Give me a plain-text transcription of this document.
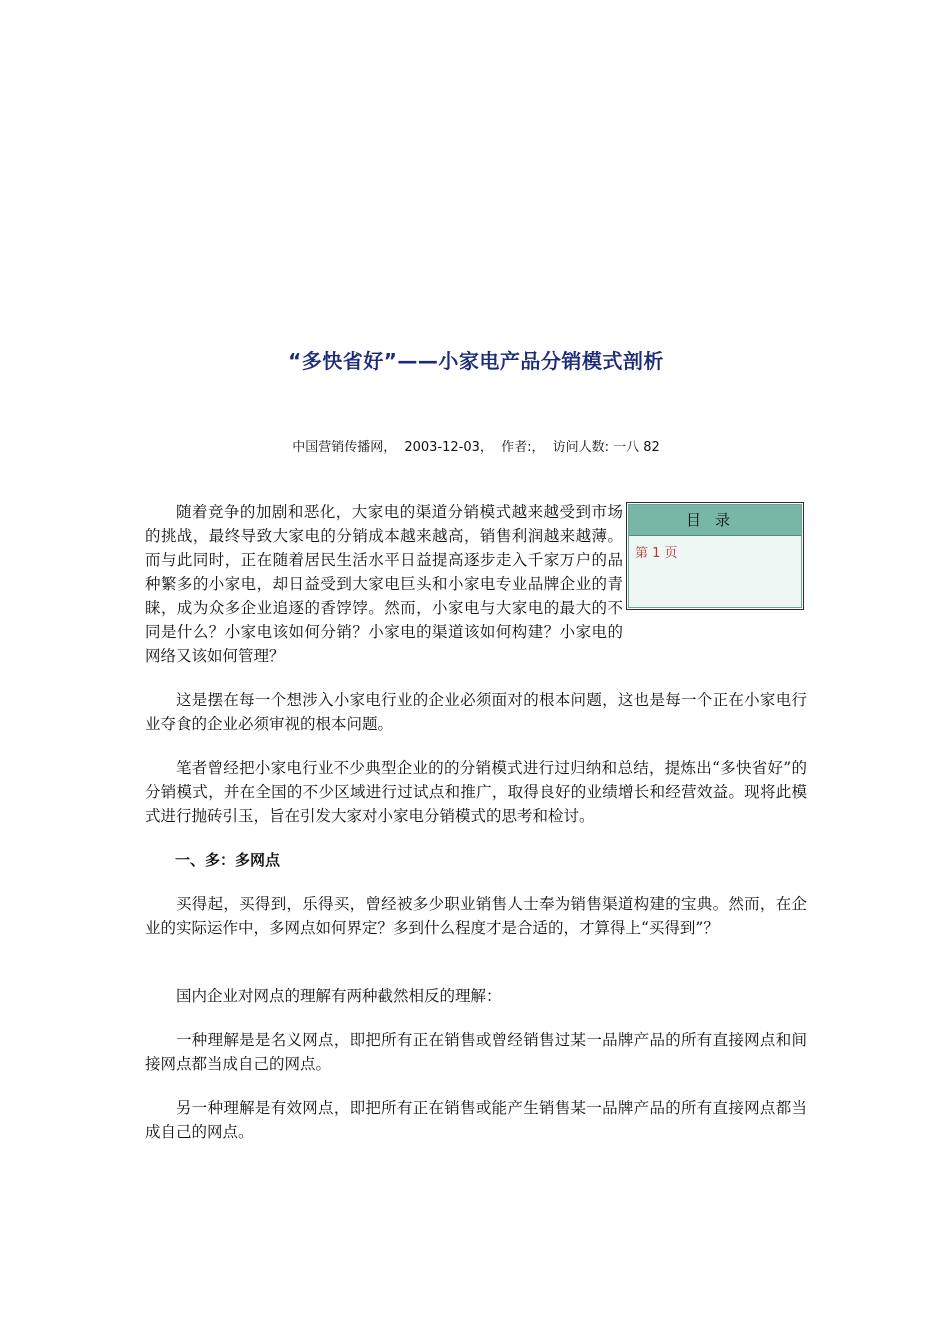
“多快省好”——小家电产品分销模式剖析
中国营销传播网， 2003-12-03， 作者:， 访问人数: 一八 82
目录
第 1 页

随着竞争的加剧和恶化，大家电的渠道分销模式越来越受到市场的挑战，最终导致大家电的分销成本越来越高，销售利润越来越薄。而与此同时，正在随着居民生活水平日益提高逐步走入千家万户的品种繁多的小家电，却日益受到大家电巨头和小家电专业品牌企业的青睐，成为众多企业追逐的香饽饽。然而，小家电与大家电的最大的不同是什么？小家电该如何分销？小家电的渠道该如何构建？小家电的网络又该如何管理？

这是摆在每一个想涉入小家电行业的企业必须面对的根本问题，这也是每一个正在小家电行业夺食的企业必须审视的根本问题。

笔者曾经把小家电行业不少典型企业的的分销模式进行过归纳和总结，提炼出“多快省好”的分销模式，并在全国的不少区域进行过试点和推广，取得良好的业绩增长和经营效益。现将此模式进行抛砖引玉，旨在引发大家对小家电分销模式的思考和检讨。

一、多：多网点

买得起，买得到，乐得买，曾经被多少职业销售人士奉为销售渠道构建的宝典。然而，在企业的实际运作中，多网点如何界定？多到什么程度才是合适的，才算得上“买得到”？

国内企业对网点的理解有两种截然相反的理解：

一种理解是是名义网点，即把所有正在销售或曾经销售过某一品牌产品的所有直接网点和间接网点都当成自己的网点。

另一种理解是有效网点，即把所有正在销售或能产生销售某一品牌产品的所有直接网点都当成自己的网点。
